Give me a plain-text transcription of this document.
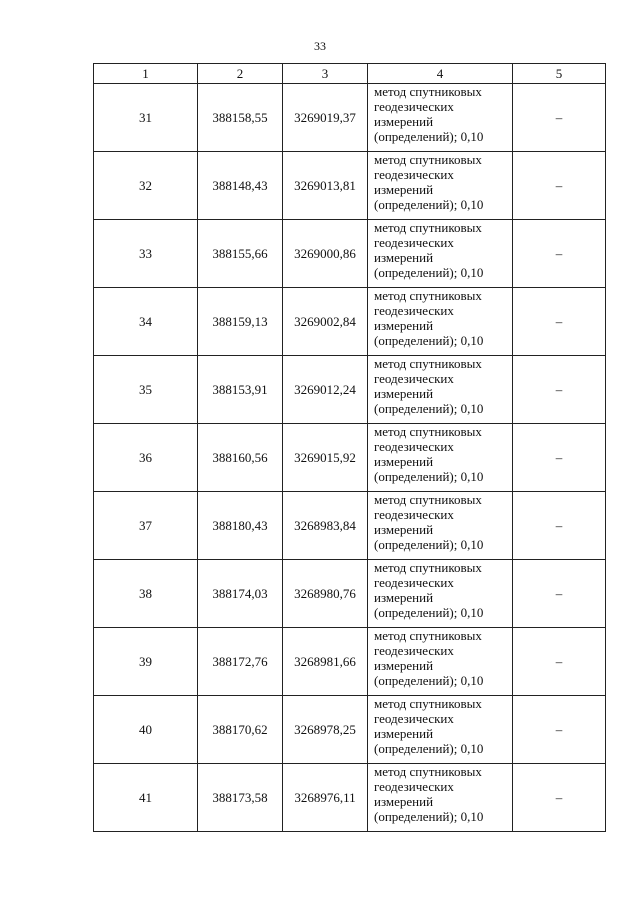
33
1	2	3	4	5
31	388158,55	3269019,37	метод спутниковых
геодезических
измерений
(определений); 0,10	–
32	388148,43	3269013,81	метод спутниковых
геодезических
измерений
(определений); 0,10	–
33	388155,66	3269000,86	метод спутниковых
геодезических
измерений
(определений); 0,10	–
34	388159,13	3269002,84	метод спутниковых
геодезических
измерений
(определений); 0,10	–
35	388153,91	3269012,24	метод спутниковых
геодезических
измерений
(определений); 0,10	–
36	388160,56	3269015,92	метод спутниковых
геодезических
измерений
(определений); 0,10	–
37	388180,43	3268983,84	метод спутниковых
геодезических
измерений
(определений); 0,10	–
38	388174,03	3268980,76	метод спутниковых
геодезических
измерений
(определений); 0,10	–
39	388172,76	3268981,66	метод спутниковых
геодезических
измерений
(определений); 0,10	–
40	388170,62	3268978,25	метод спутниковых
геодезических
измерений
(определений); 0,10	–
41	388173,58	3268976,11	метод спутниковых
геодезических
измерений
(определений); 0,10	–
